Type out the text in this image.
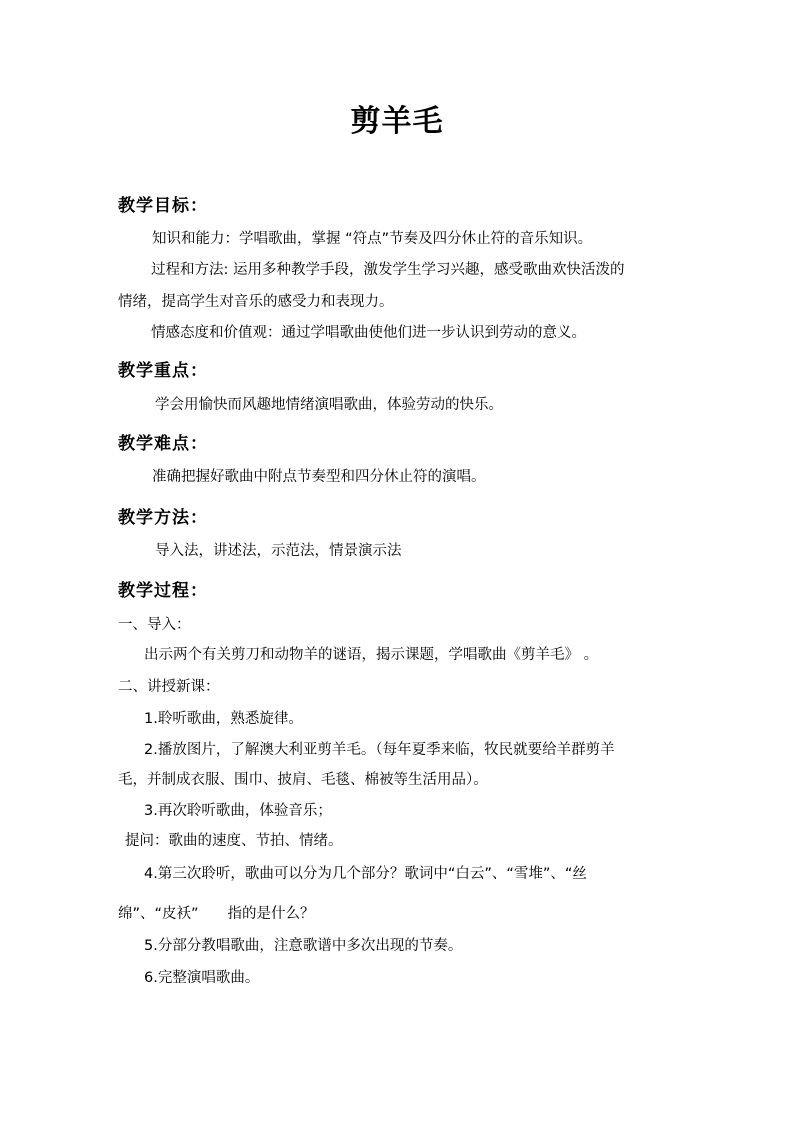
剪羊毛
教学目标：
知识和能力：学唱歌曲，掌握 “符点”节奏及四分休止符的音乐知识。
过程和方法: 运用多种教学手段，激发学生学习兴趣，感受歌曲欢快活泼的
情绪，提高学生对音乐的感受力和表现力。
情感态度和价值观：通过学唱歌曲使他们进一步认识到劳动的意义。
教学重点：
学会用愉快而风趣地情绪演唱歌曲，体验劳动的快乐。
教学难点：
准确把握好歌曲中附点节奏型和四分休止符的演唱。
教学方法：
导入法，讲述法，示范法，情景演示法
教学过程：
一、导入：
出示两个有关剪刀和动物羊的谜语，揭示课题，学唱歌曲《剪羊毛》 。
二、讲授新课：
1.聆听歌曲，熟悉旋律。
2.播放图片，了解澳大利亚剪羊毛。（每年夏季来临，牧民就要给羊群剪羊
毛，并制成衣服、围巾、披肩、毛毯、棉被等生活用品）。
3.再次聆听歌曲，体验音乐；
提问：歌曲的速度、节拍、情绪。
4.第三次聆听，歌曲可以分为几个部分？歌词中“白云”、“雪堆”、“丝
绵”、“皮袄”　　指的是什么？
5.分部分教唱歌曲，注意歌谱中多次出现的节奏。
6.完整演唱歌曲。
